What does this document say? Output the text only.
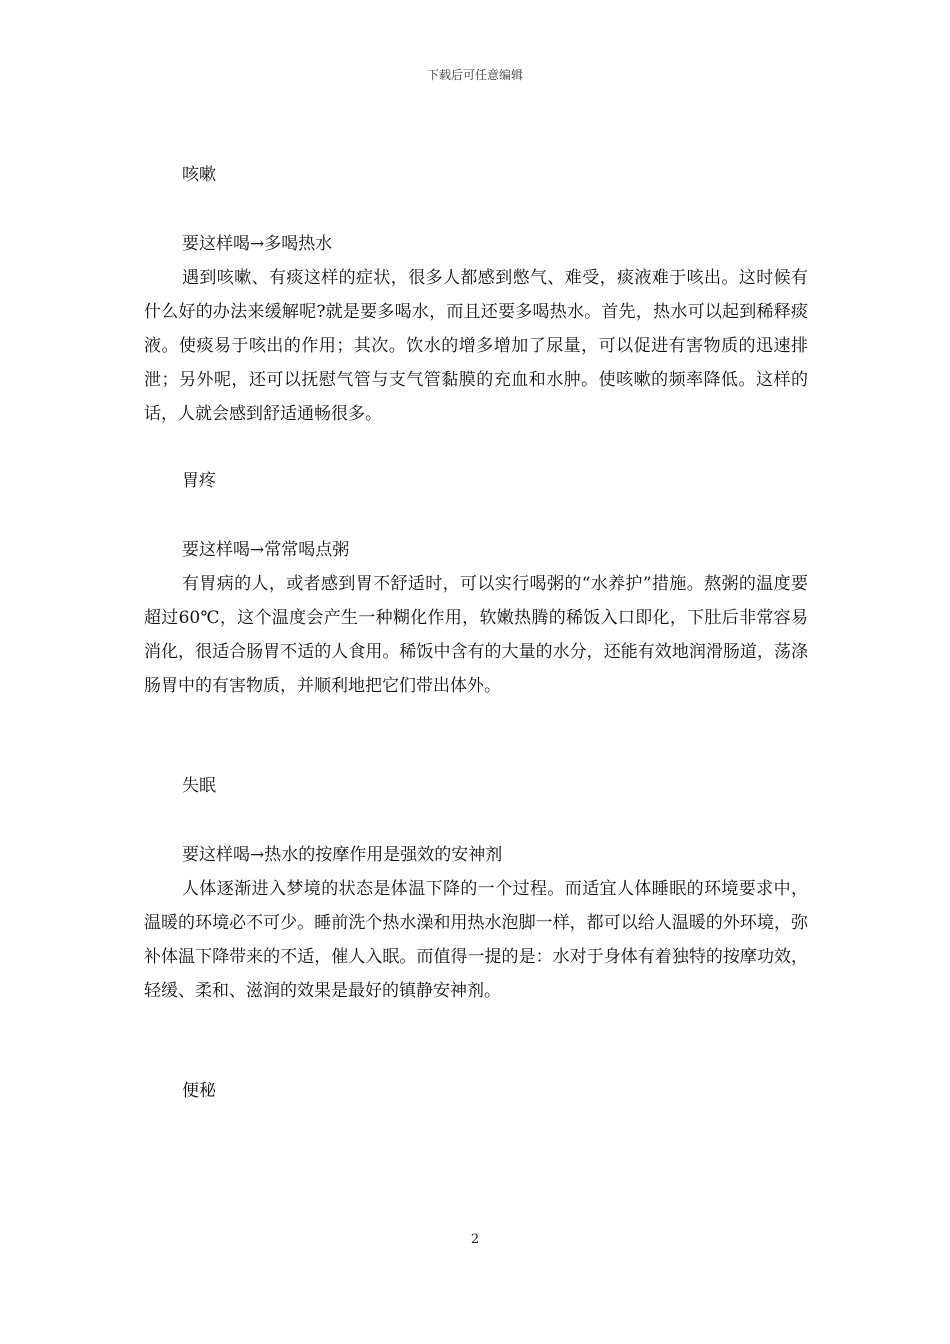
下载后可任意编辑

咳嗽

要这样喝→多喝热水

遇到咳嗽、有痰这样的症状，很多人都感到憋气、难受，痰液难于咳出。这时候有什么好的办法来缓解呢?就是要多喝水，而且还要多喝热水。首先，热水可以起到稀释痰液。使痰易于咳出的作用；其次。饮水的增多增加了尿量，可以促进有害物质的迅速排泄；另外呢，还可以抚慰气管与支气管黏膜的充血和水肿。使咳嗽的频率降低。这样的话，人就会感到舒适通畅很多。

胃疼

要这样喝→常常喝点粥

有胃病的人，或者感到胃不舒适时，可以实行喝粥的“水养护”措施。熬粥的温度要超过60℃，这个温度会产生一种糊化作用，软嫩热腾的稀饭入口即化，下肚后非常容易消化，很适合肠胃不适的人食用。稀饭中含有的大量的水分，还能有效地润滑肠道，荡涤肠胃中的有害物质，并顺利地把它们带出体外。

失眠

要这样喝→热水的按摩作用是强效的安神剂

人体逐渐进入梦境的状态是体温下降的一个过程。而适宜人体睡眠的环境要求中，温暖的环境必不可少。睡前洗个热水澡和用热水泡脚一样，都可以给人温暖的外环境，弥补体温下降带来的不适，催人入眠。而值得一提的是：水对于身体有着独特的按摩功效，轻缓、柔和、滋润的效果是最好的镇静安神剂。

便秘

2
